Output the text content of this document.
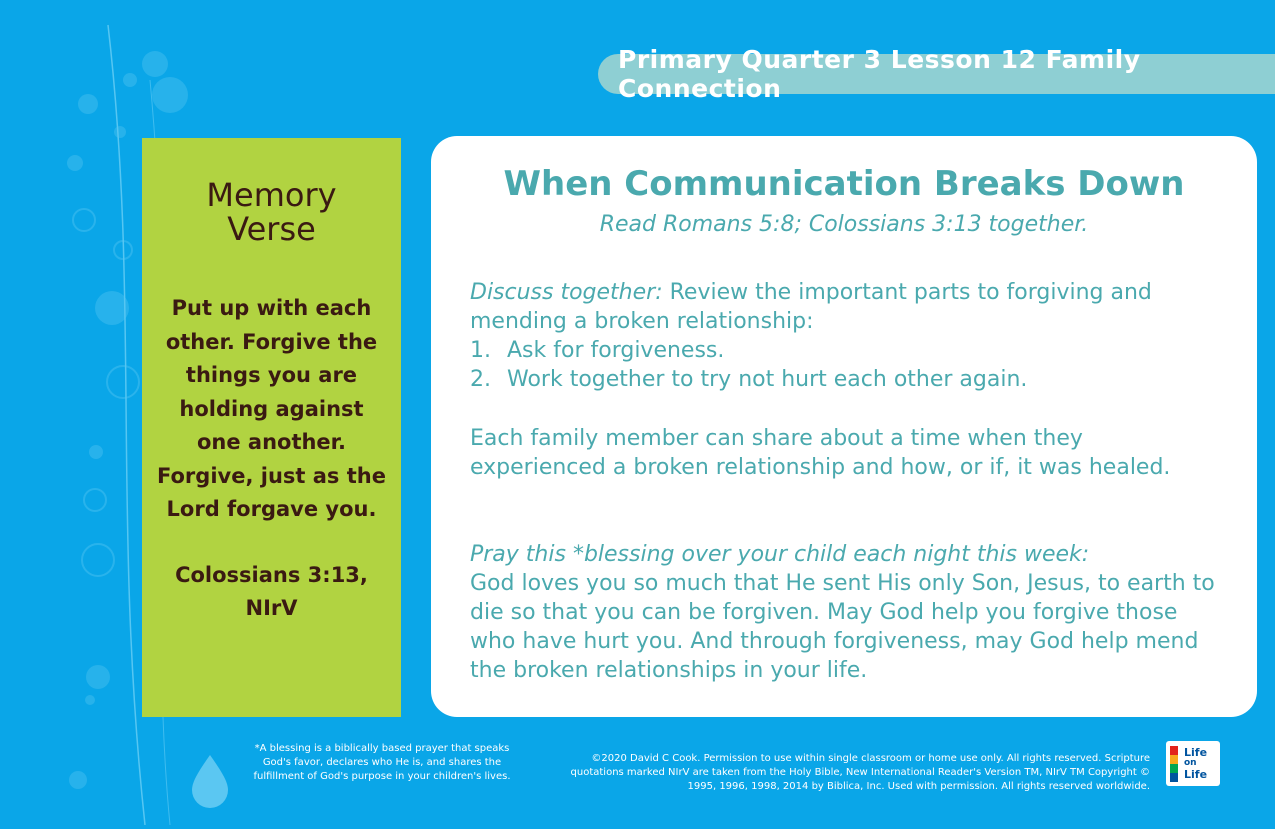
Primary Quarter 3 Lesson 12 Family Connection
Memory
Verse
Put up with each other. Forgive the things you are holding against one another. Forgive, just as the Lord forgave you.
Colossians 3:13, NIrV
When Communication Breaks Down
Read Romans 5:8; Colossians 3:13 together.

Discuss together: Review the important parts to forgiving and mending a broken relationship:

1. Ask for forgiveness.
2. Work together to try not hurt each other again.

Each family member can share about a time when they experienced a broken relationship and how, or if, it was healed.

Pray this *blessing over your child each night this week:

God loves you so much that He sent His only Son, Jesus, to earth to die so that you can be forgiven. May God help you forgive those who have hurt you. And through forgiveness, may God help mend the broken relationships in your life.

*A blessing is a biblically based prayer that speaks God's favor, declares who He is, and shares the fulfillment of God's purpose in your children's lives.
©2020 David C Cook. Permission to use within single classroom or home use only. All rights reserved. Scripture quotations marked NIrV are taken from the Holy Bible, New International Reader's Version TM, NIrV TM Copyright © 1995, 1996, 1998, 2014 by Biblica, Inc. Used with permission. All rights reserved worldwide.
Life
on
Life
